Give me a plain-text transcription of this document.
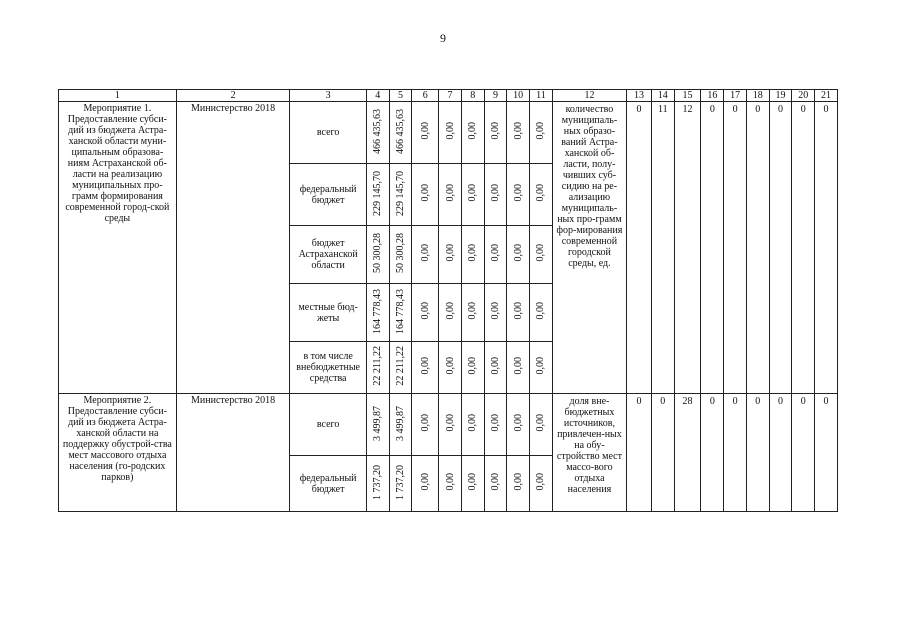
9
1	2	3	4	5	6	7	8	9	10	11	12	13	14	15	16	17	18	19	20	21
Мероприятие 1. Предоставление субси-дий из бюджета Астра-ханской области муни-ципальным образова-ниям Астраханской об-ласти на реализацию муниципальных про-грамм формирования современной город-ской среды	Министерство 2018	всего	466 435,63	466 435,63	0,00	0,00	0,00	0,00	0,00	0,00	количество муниципаль-ных образо-ваний Астра-ханской об-ласти, полу-чивших суб-сидию на ре-ализацию муниципаль-ных про-грамм фор-мирования современной городской среды, ед.	0	11	12	0	0	0	0	0	0
		федеральный бюджет	229 145,70	229 145,70	0,00	0,00	0,00	0,00	0,00	0,00										
		бюджет Астраханской области	50 300,28	50 300,28	0,00	0,00	0,00	0,00	0,00	0,00										
		местные бюд-жеты	164 778,43	164 778,43	0,00	0,00	0,00	0,00	0,00	0,00										
		в том числе внебюджетные средства	22 211,22	22 211,22	0,00	0,00	0,00	0,00	0,00	0,00										
Мероприятие 2. Предоставление субси-дий из бюджета Астра-ханской области на поддержку обустрой-ства мест массового отдыха населения (го-родских парков)	Министерство 2018	всего	3 499,87	3 499,87	0,00	0,00	0,00	0,00	0,00	0,00	доля вне-бюджетных источников, привлечен-ных на обу-стройство мест массо-вого отдыха населения	0	0	28	0	0	0	0	0	0
		федеральный бюджет	1 737,20	1 737,20	0,00	0,00	0,00	0,00	0,00	0,00										
